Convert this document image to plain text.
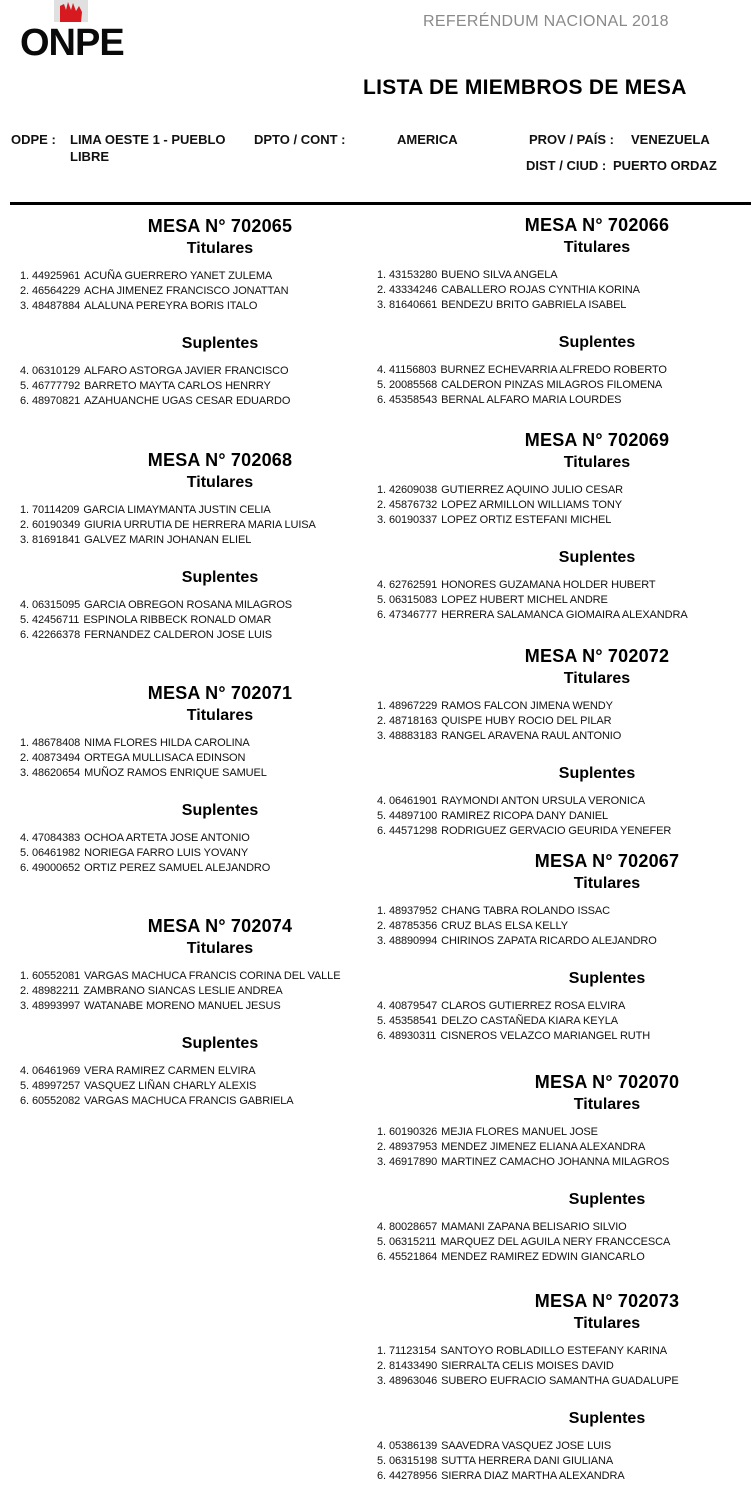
ONPE
REFERÉNDUM NACIONAL 2018
LISTA DE MIEMBROS DE MESA
ODPE : LIMA OESTE 1 - PUEBLO LIBRE
DPTO / CONT :	AMERICA	PROV / PAÍS : VENEZUELA
DIST / CIUD : PUERTO ORDAZ
MESA N° 702065
Titulares
1. 44925961 ACUÑA GUERRERO YANET ZULEMA
2. 46564229 ACHA JIMENEZ FRANCISCO JONATTAN
3. 48487884 ALALUNA PEREYRA BORIS ITALO
Suplentes
4. 06310129 ALFARO ASTORGA JAVIER FRANCISCO
5. 46777792 BARRETO MAYTA CARLOS HENRRY
6. 48970821 AZAHUANCHE UGAS CESAR EDUARDO
MESA N° 702068
Titulares
1. 70114209 GARCIA LIMAYMANTA JUSTIN CELIA
2. 60190349 GIURIA URRUTIA DE HERRERA MARIA LUISA
3. 81691841 GALVEZ MARIN JOHANAN ELIEL
Suplentes
4. 06315095 GARCIA OBREGON ROSANA MILAGROS
5. 42456711 ESPINOLA RIBBECK RONALD OMAR
6. 42266378 FERNANDEZ CALDERON JOSE LUIS
MESA N° 702071
Titulares
1. 48678408 NIMA FLORES HILDA CAROLINA
2. 40873494 ORTEGA MULLISACA EDINSON
3. 48620654 MUÑOZ RAMOS ENRIQUE SAMUEL
Suplentes
4. 47084383 OCHOA ARTETA JOSE ANTONIO
5. 06461982 NORIEGA FARRO LUIS YOVANY
6. 49000652 ORTIZ PEREZ SAMUEL ALEJANDRO
MESA N° 702074
Titulares
1. 60552081 VARGAS MACHUCA FRANCIS CORINA DEL VALLE
2. 48982211 ZAMBRANO SIANCAS LESLIE ANDREA
3. 48993997 WATANABE MORENO MANUEL JESUS
Suplentes
4. 06461969 VERA RAMIREZ CARMEN ELVIRA
5. 48997257 VASQUEZ LIÑAN CHARLY ALEXIS
6. 60552082 VARGAS MACHUCA FRANCIS GABRIELA
MESA N° 702066
Titulares
1. 43153280 BUENO SILVA ANGELA
2. 43334246 CABALLERO ROJAS CYNTHIA KORINA
3. 81640661 BENDEZU BRITO GABRIELA ISABEL
Suplentes
4. 41156803 BURNEZ ECHEVARRIA ALFREDO ROBERTO
5. 20085568 CALDERON PINZAS MILAGROS FILOMENA
6. 45358543 BERNAL ALFARO MARIA LOURDES
MESA N° 702069
Titulares
1. 42609038 GUTIERREZ AQUINO JULIO CESAR
2. 45876732 LOPEZ ARMILLON WILLIAMS TONY
3. 60190337 LOPEZ ORTIZ ESTEFANI MICHEL
Suplentes
4. 62762591 HONORES GUZAMANA HOLDER HUBERT
5. 06315083 LOPEZ HUBERT MICHEL ANDRE
6. 47346777 HERRERA SALAMANCA GIOMAIRA ALEXANDRA
MESA N° 702072
Titulares
1. 48967229 RAMOS FALCON JIMENA WENDY
2. 48718163 QUISPE HUBY ROCIO DEL PILAR
3. 48883183 RANGEL ARAVENA RAUL ANTONIO
Suplentes
4. 06461901 RAYMONDI ANTON URSULA VERONICA
5. 44897100 RAMIREZ RICOPA DANY DANIEL
6. 44571298 RODRIGUEZ GERVACIO GEURIDA YENEFER
MESA N° 702067
Titulares
1. 48937952 CHANG TABRA ROLANDO ISSAC
2. 48785356 CRUZ BLAS ELSA KELLY
3. 48890994 CHIRINOS ZAPATA RICARDO ALEJANDRO
Suplentes
4. 40879547 CLAROS GUTIERREZ ROSA ELVIRA
5. 45358541 DELZO CASTAÑEDA KIARA KEYLA
6. 48930311 CISNEROS VELAZCO MARIANGEL RUTH
MESA N° 702070
Titulares
1. 60190326 MEJIA FLORES MANUEL JOSE
2. 48937953 MENDEZ JIMENEZ ELIANA ALEXANDRA
3. 46917890 MARTINEZ CAMACHO JOHANNA MILAGROS
Suplentes
4. 80028657 MAMANI ZAPANA BELISARIO SILVIO
5. 06315211 MARQUEZ DEL AGUILA NERY FRANCCESCA
6. 45521864 MENDEZ RAMIREZ EDWIN GIANCARLO
MESA N° 702073
Titulares
1. 71123154 SANTOYO ROBLADILLO ESTEFANY KARINA
2. 81433490 SIERRALTA CELIS MOISES DAVID
3. 48963046 SUBERO EUFRACIO SAMANTHA GUADALUPE
Suplentes
4. 05386139 SAAVEDRA VASQUEZ JOSE LUIS
5. 06315198 SUTTA HERRERA DANI GIULIANA
6. 44278956 SIERRA DIAZ MARTHA ALEXANDRA
